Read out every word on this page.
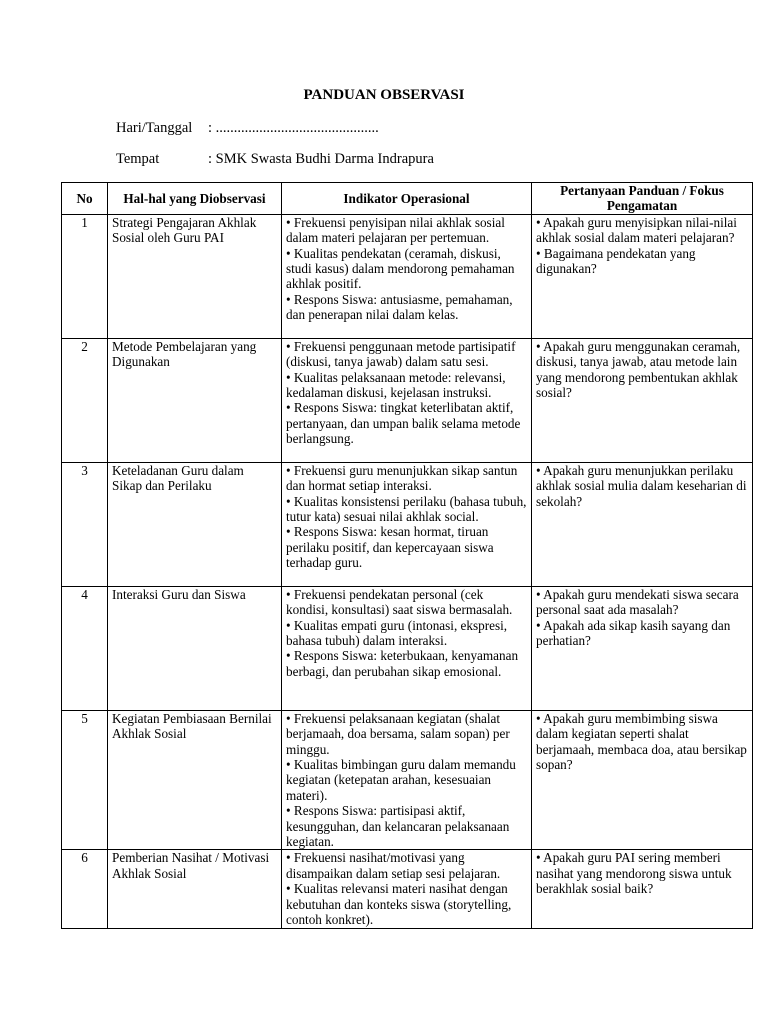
PANDUAN OBSERVASI
Hari/Tanggal : .............................................
Tempat	: SMK Swasta Budhi Darma Indrapura
No	Hal-hal yang Diobservasi	Indikator Operasional	Pertanyaan Panduan / Fokus Pengamatan
1	Strategi Pengajaran Akhlak Sosial oleh Guru PAI	• Frekuensi penyisipan nilai akhlak sosial dalam materi pelajaran per pertemuan.
• Kualitas pendekatan (ceramah, diskusi, studi kasus) dalam mendorong pemahaman akhlak positif.
• Respons Siswa: antusiasme, pemahaman, dan penerapan nilai dalam kelas.	• Apakah guru menyisipkan nilai-nilai akhlak sosial dalam materi pelajaran?
• Bagaimana pendekatan yang digunakan?

2	Metode Pembelajaran yang Digunakan	• Frekuensi penggunaan metode partisipatif (diskusi, tanya jawab) dalam satu sesi.
• Kualitas pelaksanaan metode: relevansi, kedalaman diskusi, kejelasan instruksi.
• Respons Siswa: tingkat keterlibatan aktif, pertanyaan, dan umpan balik selama metode berlangsung.	• Apakah guru menggunakan ceramah, diskusi, tanya jawab, atau metode lain yang mendorong pembentukan akhlak sosial?

3	Keteladanan Guru dalam Sikap dan Perilaku	• Frekuensi guru menunjukkan sikap santun dan hormat setiap interaksi.
• Kualitas konsistensi perilaku (bahasa tubuh, tutur kata) sesuai nilai akhlak social.
• Respons Siswa: kesan hormat, tiruan perilaku positif, dan kepercayaan siswa terhadap guru.	• Apakah guru menunjukkan perilaku akhlak sosial mulia dalam keseharian di sekolah?

4	Interaksi Guru dan Siswa	• Frekuensi pendekatan personal (cek kondisi, konsultasi) saat siswa bermasalah.
• Kualitas empati guru (intonasi, ekspresi, bahasa tubuh) dalam interaksi.
• Respons Siswa: keterbukaan, kenyamanan berbagi, dan perubahan sikap emosional.	• Apakah guru mendekati siswa secara personal saat ada masalah?
• Apakah ada sikap kasih sayang dan perhatian?

5	Kegiatan Pembiasaan Bernilai Akhlak Sosial	• Frekuensi pelaksanaan kegiatan (shalat berjamaah, doa bersama, salam sopan) per minggu.
• Kualitas bimbingan guru dalam memandu kegiatan (ketepatan arahan, kesesuaian materi).
• Respons Siswa: partisipasi aktif, kesungguhan, dan kelancaran pelaksanaan kegiatan.	• Apakah guru membimbing siswa dalam kegiatan seperti shalat berjamaah, membaca doa, atau bersikap sopan?

6	Pemberian Nasihat / Motivasi Akhlak Sosial	• Frekuensi nasihat/motivasi yang disampaikan dalam setiap sesi pelajaran.
• Kualitas relevansi materi nasihat dengan kebutuhan dan konteks siswa (storytelling, contoh konkret).	• Apakah guru PAI sering memberi nasihat yang mendorong siswa untuk berakhlak sosial baik?
